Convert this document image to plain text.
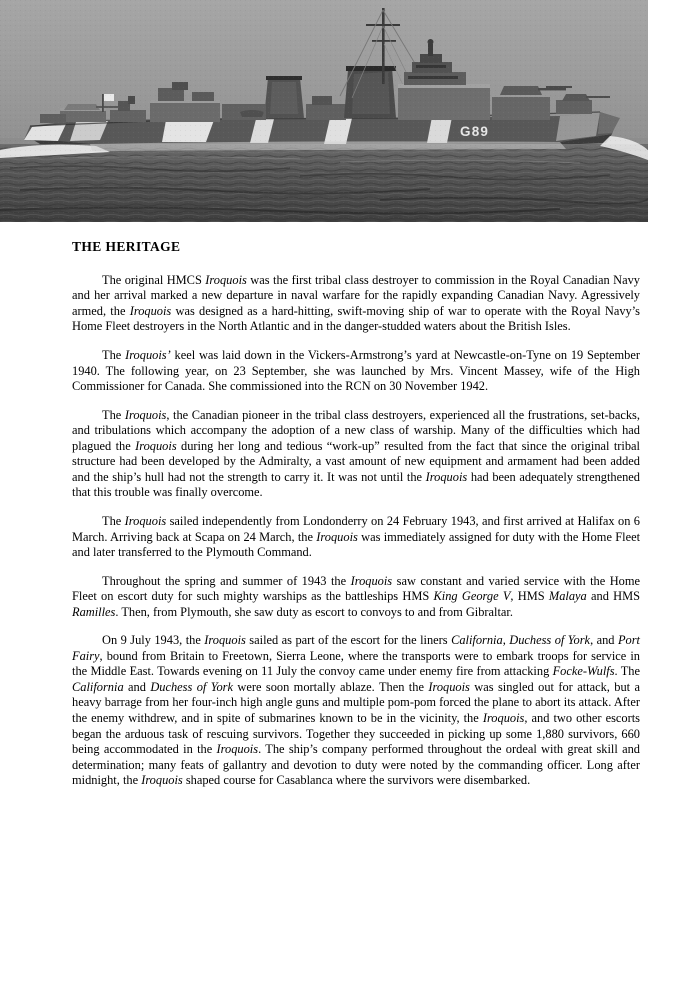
THE HERITAGE

The original HMCS Iroquois was the first tribal class destroyer to commission in the Royal Canadian Navy and her arrival marked a new departure in naval warfare for the rapidly expanding Canadian Navy. Agressively armed, the Iroquois was designed as a hard-hitting, swift-moving ship of war to operate with the Royal Navy’s Home Fleet destroyers in the North Atlantic and in the danger-studded waters about the British Isles.

The Iroquois’ keel was laid down in the Vickers-Armstrong’s yard at Newcastle-on-Tyne on 19 September 1940. The following year, on 23 September, she was launched by Mrs. Vincent Massey, wife of the High Commissioner for Canada. She commissioned into the RCN on 30 November 1942.

The Iroquois, the Canadian pioneer in the tribal class destroyers, experienced all the frustrations, set-backs, and tribulations which accompany the adoption of a new class of warship. Many of the difficulties which had plagued the Iroquois during her long and tedious “work-up” resulted from the fact that since the original tribal structure had been developed by the Admiralty, a vast amount of new equipment and armament had been added and the ship’s hull had not the strength to carry it. It was not until the Iroquois had been adequately strengthened that this trouble was finally overcome.

The Iroquois sailed independently from Londonderry on 24 February 1943, and first arrived at Halifax on 6 March. Arriving back at Scapa on 24 March, the Iroquois was immediately assigned for duty with the Home Fleet and later transferred to the Plymouth Command.

Throughout the spring and summer of 1943 the Iroquois saw constant and varied service with the Home Fleet on escort duty for such mighty warships as the battleships HMS King George V, HMS Malaya and HMS Ramilles. Then, from Plymouth, she saw duty as escort to convoys to and from Gibraltar.

On 9 July 1943, the Iroquois sailed as part of the escort for the liners California, Duchess of York, and Port Fairy, bound from Britain to Freetown, Sierra Leone, where the transports were to embark troops for service in the Middle East. Towards evening on 11 July the convoy came under enemy fire from attacking Focke-Wulfs. The California and Duchess of York were soon mortally ablaze. Then the Iroquois was singled out for attack, but a heavy barrage from her four-inch high angle guns and multiple pom-pom forced the plane to abort its attack. After the enemy withdrew, and in spite of submarines known to be in the vicinity, the Iroquois, and two other escorts began the arduous task of rescuing survivors. Together they succeeded in picking up some 1,880 survivors, 660 being accommodated in the Iroquois. The ship’s company performed throughout the ordeal with great skill and determination; many feats of gallantry and devotion to duty were noted by the commanding officer. Long after midnight, the Iroquois shaped course for Casablanca where the survivors were disembarked.
